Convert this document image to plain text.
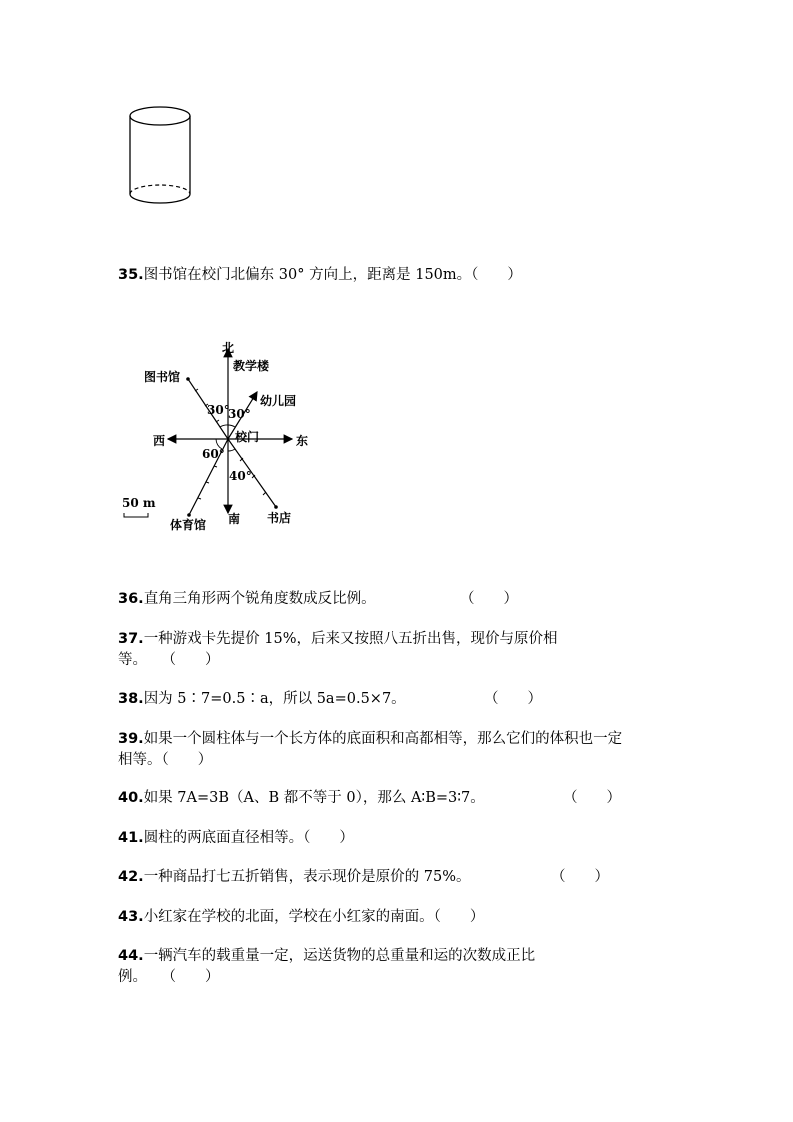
35.图书馆在校门北偏东 30° 方向上，距离是 150m。（　　）
北
南
东
西	校门
教学楼
图书馆
幼儿园
体育馆	书店
30°
30°
60°
40°
50 m
36.直角三角形两个锐角度数成反比例。	（　　）
37.一种游戏卡先提价 15%，后来又按照八五折出售，现价与原价相
等。　　（　　）
38.因为 5∶7=0.5∶a，所以 5a=0.5×7。	（　　）
39.如果一个圆柱体与一个长方体的底面积和高都相等，那么它们的体积也一定
相等。（　　）
40.如果 7A=3B（A、B 都不等于 0），那么 A∶B=3∶7。	（　　）
41.圆柱的两底面直径相等。（　　）
42.一种商品打七五折销售，表示现价是原价的 75%。	（　　）
43.小红家在学校的北面，学校在小红家的南面。（　　）
44.一辆汽车的载重量一定，运送货物的总重量和运的次数成正比
例。　　（　　）
